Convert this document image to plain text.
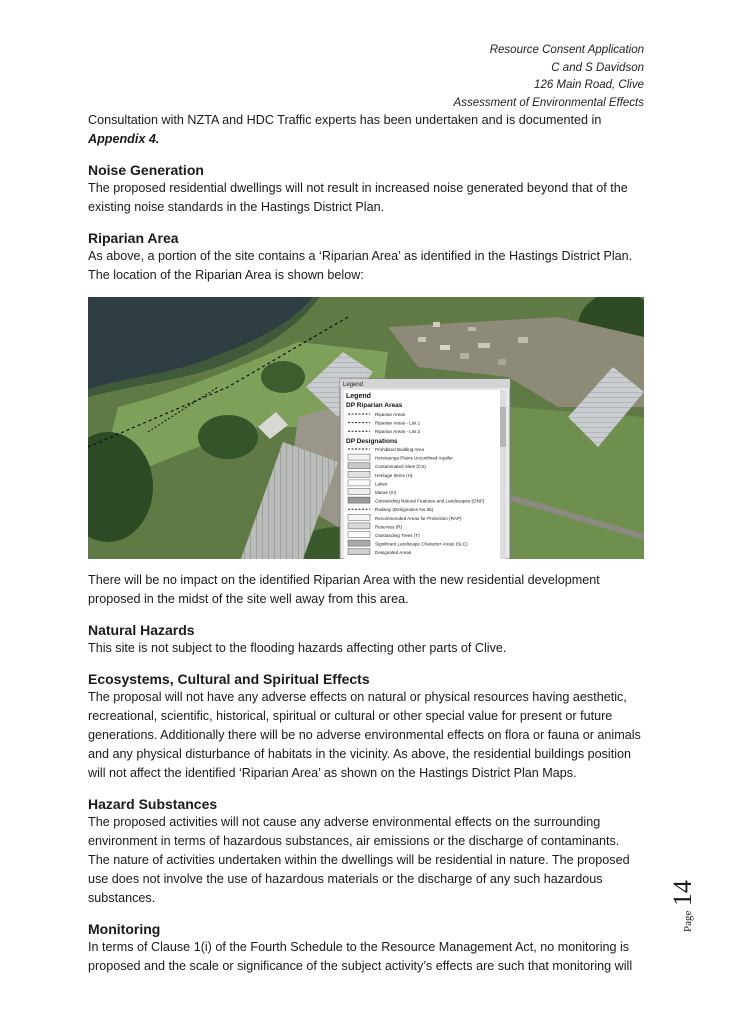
Resource Consent Application
C and S Davidson
126 Main Road, Clive
Assessment of Environmental Effects

Consultation with NZTA and HDC Traffic experts has been undertaken and is documented in
Appendix 4.

Noise Generation

The proposed residential dwellings will not result in increased noise generated beyond that of the existing noise standards in the Hastings District Plan.

Riparian Area

As above, a portion of the site contains a ‘Riparian Area’ as identified in the Hastings District Plan. The location of the Riparian Area is shown below:

Legend
Legend
DP Riparian Areas
Riparian Areas
Riparian Areas - List 1
Riparian Areas - List 2
DP Designations
Prohibited Building Area
Heretaunga Plains Unconfined Aquifer
Contaminated Sites (CS)
Heritage Items (H)
Lakes
Marae (m)
Outstanding Natural Features and Landscapes (ONF)
Railway (Designation No.55)
Recommended Areas for Protection (RAP)
Reserves (R)
Outstanding Trees (T)
Significant Landscape Character Areas (SLC)
Designated Areas

There will be no impact on the identified Riparian Area with the new residential development proposed in the midst of the site well away from this area.

Natural Hazards

This site is not subject to the flooding hazards affecting other parts of Clive.

Ecosystems, Cultural and Spiritual Effects

The proposal will not have any adverse effects on natural or physical resources having aesthetic, recreational, scientific, historical, spiritual or cultural or other special value for present or future generations. Additionally there will be no adverse environmental effects on flora or fauna or animals and any physical disturbance of habitats in the vicinity. As above, the residential buildings position will not affect the identified ‘Riparian Area’ as shown on the Hastings District Plan Maps.

Hazard Substances

The proposed activities will not cause any adverse environmental effects on the surrounding environment in terms of hazardous substances, air emissions or the discharge of contaminants. The nature of activities undertaken within the dwellings will be residential in nature. The proposed use does not involve the use of hazardous materials or the discharge of any such hazardous substances.

Monitoring

In terms of Clause 1(i) of the Fourth Schedule to the Resource Management Act, no monitoring is proposed and the scale or significance of the subject activity’s effects are such that monitoring will

Page 14
